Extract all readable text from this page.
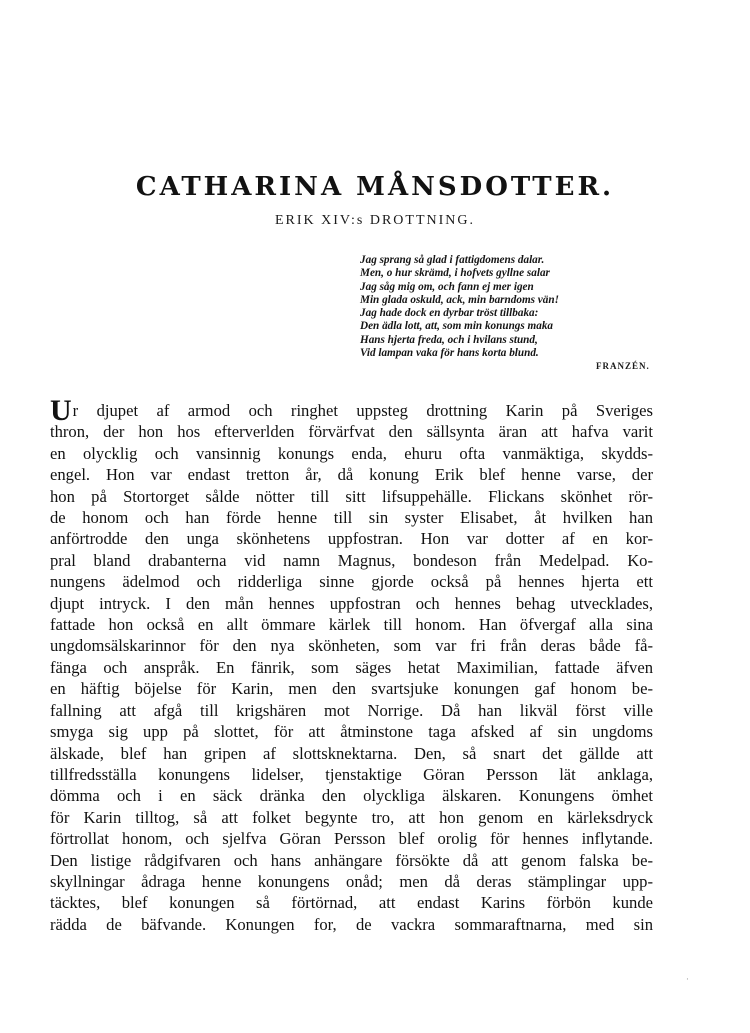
CATHARINA MÅNSDOTTER.
ERIK XIV:s DROTTNING.
Jag sprang så glad i fattigdomens dalar.
Men, o hur skrämd, i hofvets gyllne salar
Jag såg mig om, och fann ej mer igen
Min glada oskuld, ack, min barndoms vän!
Jag hade dock en dyrbar tröst tillbaka:
Den ädla lott, att, som min konungs maka
Hans hjerta freda, och i hvilans stund,
Vid lampan vaka för hans korta blund.
FRANZÉN.
Ur djupet af armod och ringhet uppsteg drottning Karin på Sveriges
thron, der hon hos efterverlden förvärfvat den sällsynta äran att hafva varit
en olycklig och vansinnig konungs enda, ehuru ofta vanmäktiga, skydds-
engel. Hon var endast tretton år, då konung Erik blef henne varse, der
hon på Stortorget sålde nötter till sitt lifsuppehälle. Flickans skönhet rör-
de honom och han förde henne till sin syster Elisabet, åt hvilken han
anförtrodde den unga skönhetens uppfostran. Hon var dotter af en kor-
pral bland drabanterna vid namn Magnus, bondeson från Medelpad. Ko-
nungens ädelmod och ridderliga sinne gjorde också på hennes hjerta ett
djupt intryck. I den mån hennes uppfostran och hennes behag utvecklades,
fattade hon också en allt ömmare kärlek till honom. Han öfvergaf alla sina
ungdomsälskarinnor för den nya skönheten, som var fri från deras både få-
fänga och anspråk. En fänrik, som säges hetat Maximilian, fattade äfven
en häftig böjelse för Karin, men den svartsjuke konungen gaf honom be-
fallning att afgå till krigshären mot Norrige. Då han likväl först ville
smyga sig upp på slottet, för att åtminstone taga afsked af sin ungdoms
älskade, blef han gripen af slottsknektarna. Den, så snart det gällde att
tillfredsställa konungens lidelser, tjenstaktige Göran Persson lät anklaga,
dömma och i en säck dränka den olyckliga älskaren. Konungens ömhet
för Karin tilltog, så att folket begynte tro, att hon genom en kärleksdryck
förtrollat honom, och sjelfva Göran Persson blef orolig för hennes inflytande.
Den listige rådgifvaren och hans anhängare försökte då att genom falska be-
skyllningar ådraga henne konungens onåd; men då deras stämplingar upp-
täcktes, blef konungen så förtörnad, att endast Karins förbön kunde
rädda de bäfvande. Konungen for, de vackra sommaraftnarna, med sin
·
